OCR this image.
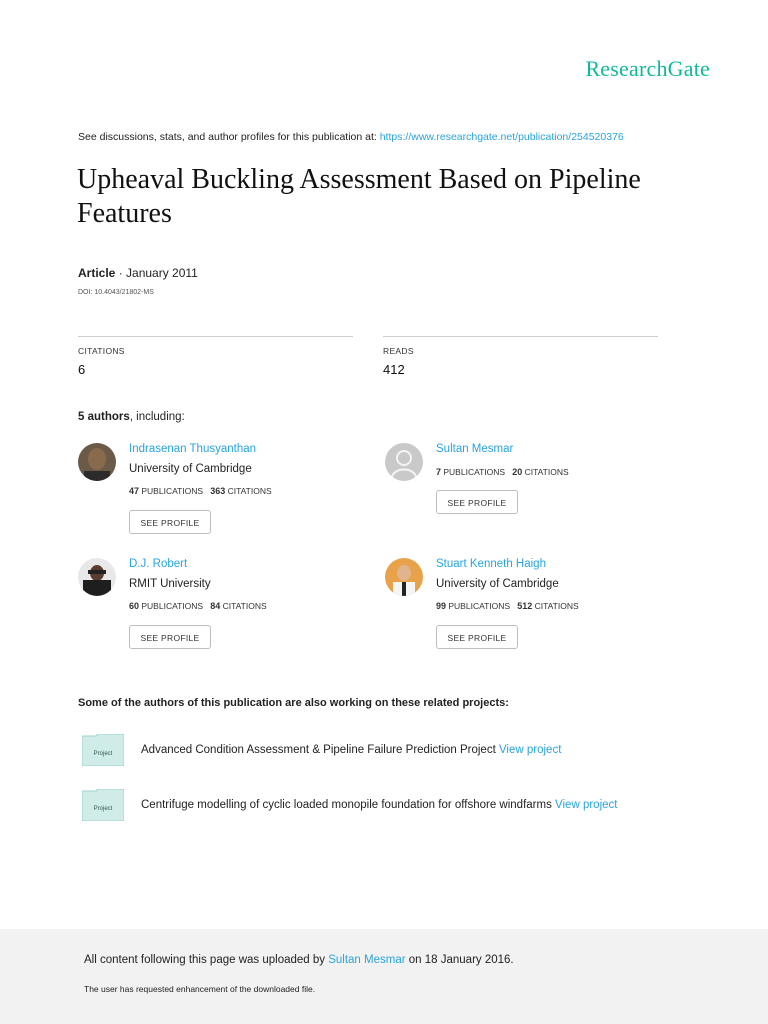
ResearchGate
See discussions, stats, and author profiles for this publication at: https://www.researchgate.net/publication/254520376
Upheaval Buckling Assessment Based on Pipeline Features
Article · January 2011
DOI: 10.4043/21802-MS
CITATIONS
6
READS
412
5 authors, including:
Indrasenan Thusyanthan
University of Cambridge
47 PUBLICATIONS 363 CITATIONS
SEE PROFILE
Sultan Mesmar
7 PUBLICATIONS 20 CITATIONS
SEE PROFILE
D.J. Robert
RMIT University
60 PUBLICATIONS 84 CITATIONS
SEE PROFILE
Stuart Kenneth Haigh
University of Cambridge
99 PUBLICATIONS 512 CITATIONS
SEE PROFILE
Some of the authors of this publication are also working on these related projects:
Project Advanced Condition Assessment & Pipeline Failure Prediction Project View project
Project Centrifuge modelling of cyclic loaded monopile foundation for offshore windfarms View project
All content following this page was uploaded by Sultan Mesmar on 18 January 2016.
The user has requested enhancement of the downloaded file.
